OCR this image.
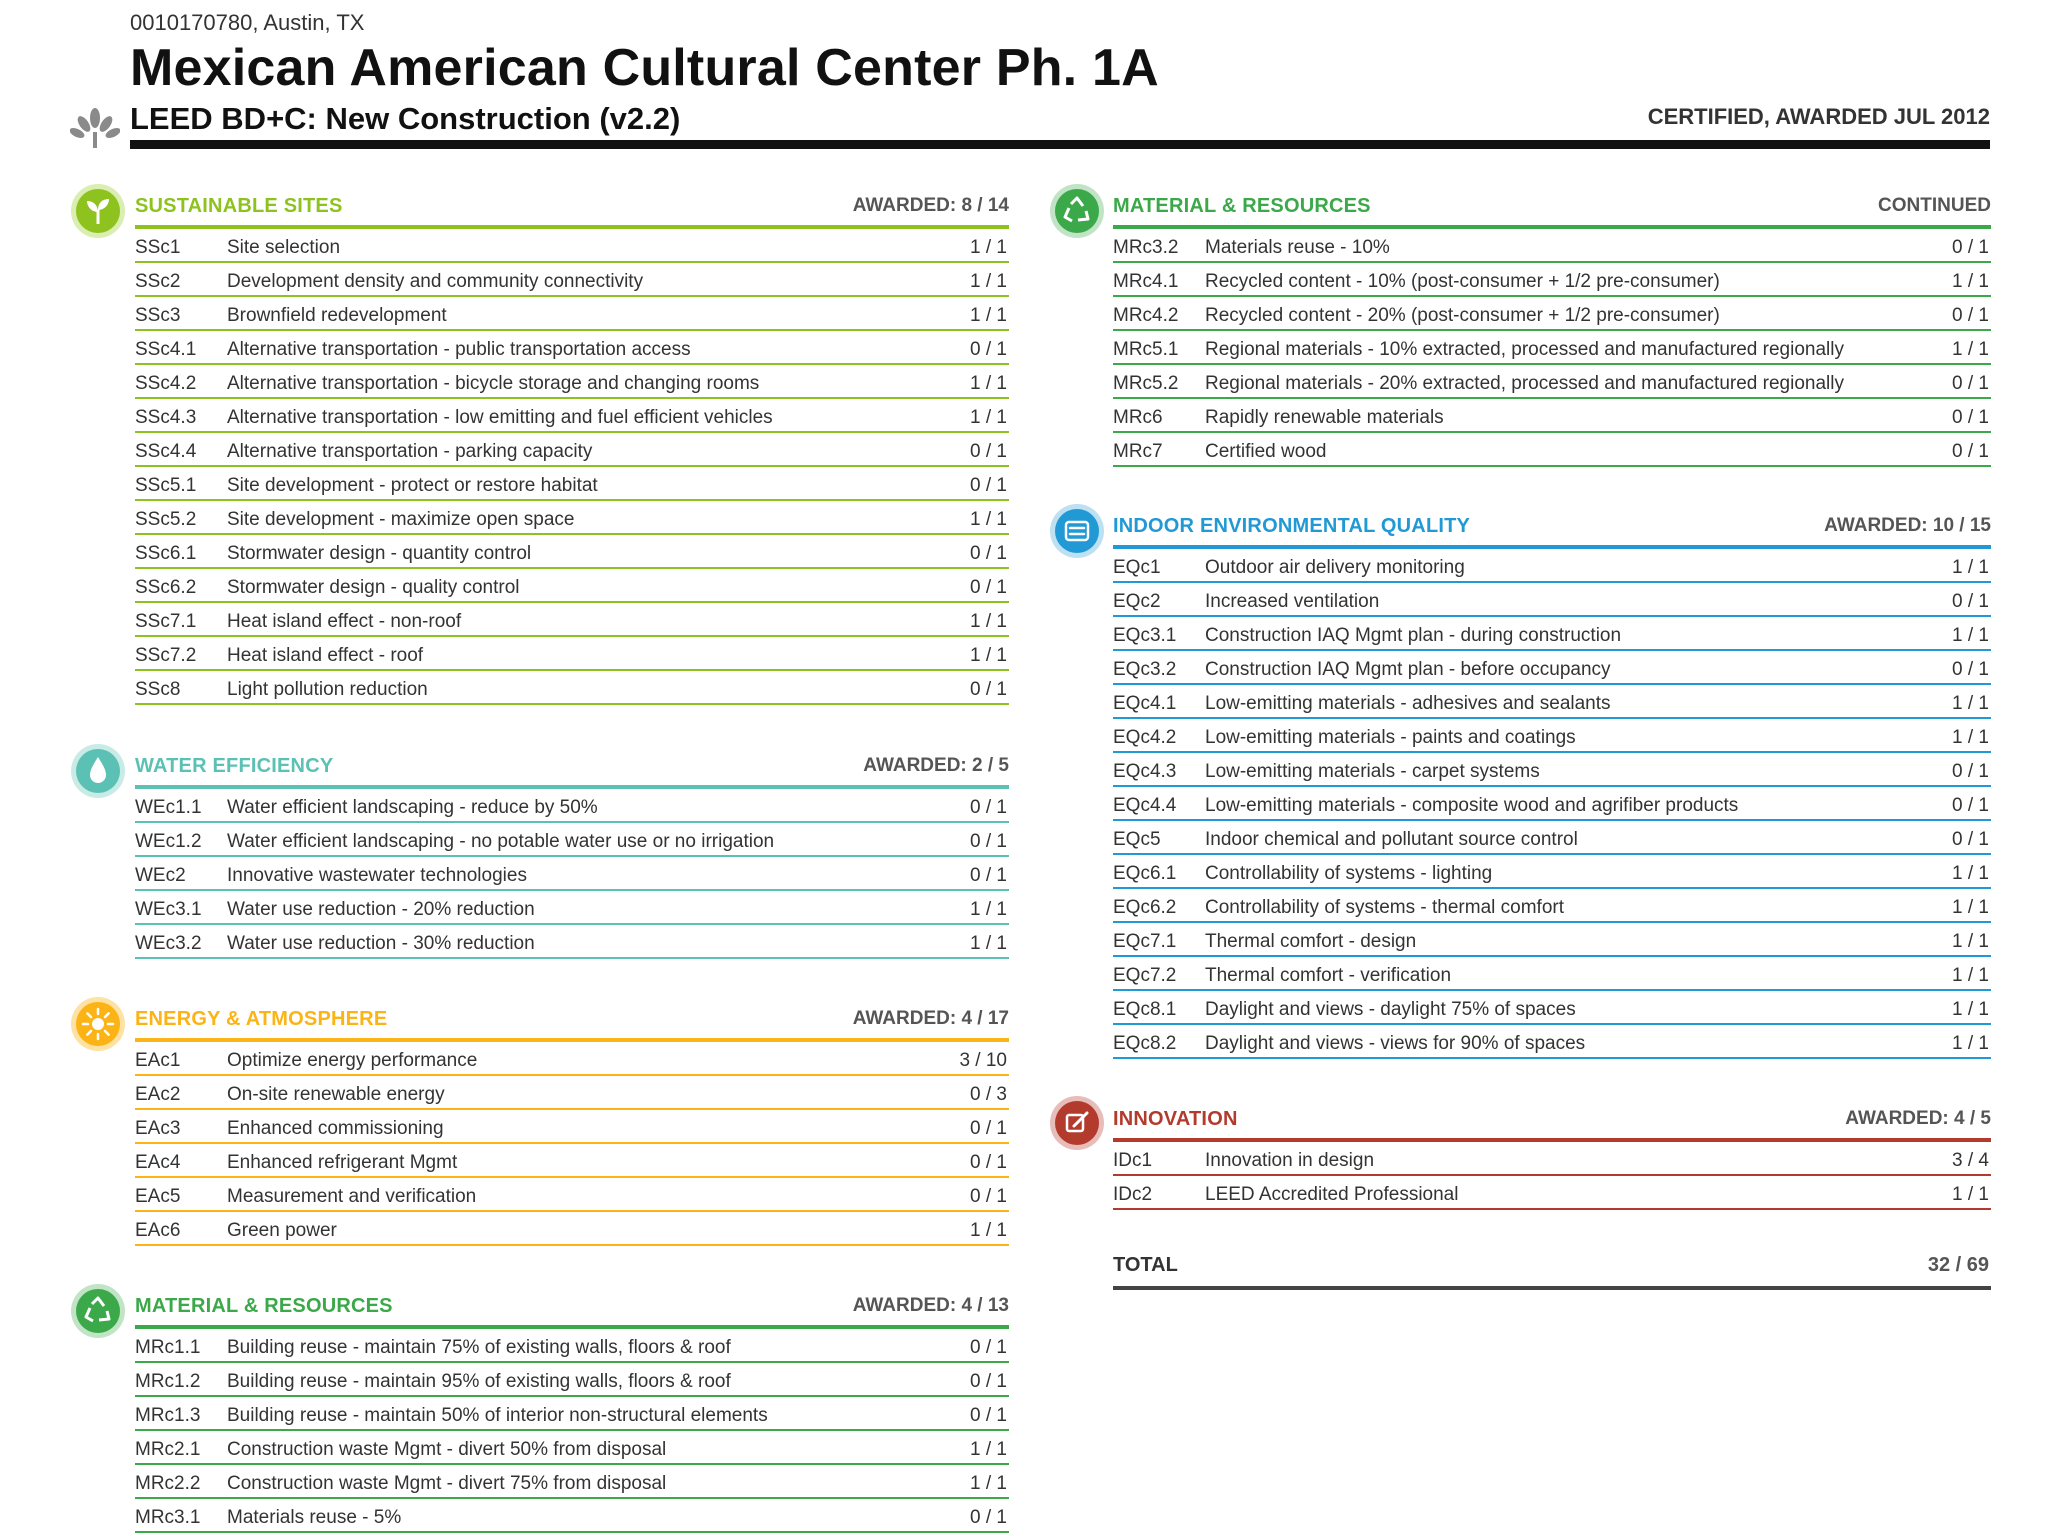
0010170780, Austin, TX
Mexican American Cultural Center Ph. 1A
LEED BD+C: New Construction (v2.2)	CERTIFIED, AWARDED JUL 2012
SUSTAINABLE SITES	AWARDED: 8 / 14
SSc1 Site selection	1 / 1
SSc2 Development density and community connectivity	1 / 1
SSc3 Brownfield redevelopment	1 / 1
SSc4.1 Alternative transportation - public transportation access	0 / 1
SSc4.2 Alternative transportation - bicycle storage and changing rooms	1 / 1
SSc4.3 Alternative transportation - low emitting and fuel efficient vehicles	1 / 1
SSc4.4 Alternative transportation - parking capacity	0 / 1
SSc5.1 Site development - protect or restore habitat	0 / 1
SSc5.2 Site development - maximize open space	1 / 1
SSc6.1 Stormwater design - quantity control	0 / 1
SSc6.2 Stormwater design - quality control	0 / 1
SSc7.1 Heat island effect - non-roof	1 / 1
SSc7.2 Heat island effect - roof	1 / 1
SSc8 Light pollution reduction	0 / 1
WATER EFFICIENCY	AWARDED: 2 / 5
WEc1.1 Water efficient landscaping - reduce by 50%	0 / 1
WEc1.2 Water efficient landscaping - no potable water use or no irrigation	0 / 1
WEc2 Innovative wastewater technologies	0 / 1
WEc3.1 Water use reduction - 20% reduction	1 / 1
WEc3.2 Water use reduction - 30% reduction	1 / 1
ENERGY & ATMOSPHERE	AWARDED: 4 / 17
EAc1 Optimize energy performance	3 / 10
EAc2 On-site renewable energy	0 / 3
EAc3 Enhanced commissioning	0 / 1
EAc4 Enhanced refrigerant Mgmt	0 / 1
EAc5 Measurement and verification	0 / 1
EAc6 Green power	1 / 1
MATERIAL & RESOURCES	AWARDED: 4 / 13
MRc1.1 Building reuse - maintain 75% of existing walls, floors & roof	0 / 1
MRc1.2 Building reuse - maintain 95% of existing walls, floors & roof	0 / 1
MRc1.3 Building reuse - maintain 50% of interior non-structural elements	0 / 1
MRc2.1 Construction waste Mgmt - divert 50% from disposal	1 / 1
MRc2.2 Construction waste Mgmt - divert 75% from disposal	1 / 1
MRc3.1 Materials reuse - 5%	0 / 1
MATERIAL & RESOURCES	CONTINUED
MRc3.2 Materials reuse - 10%	0 / 1
MRc4.1 Recycled content - 10% (post-consumer + 1/2 pre-consumer)	1 / 1
MRc4.2 Recycled content - 20% (post-consumer + 1/2 pre-consumer)	0 / 1
MRc5.1 Regional materials - 10% extracted, processed and manufactured regionally	1 / 1
MRc5.2 Regional materials - 20% extracted, processed and manufactured regionally	0 / 1
MRc6 Rapidly renewable materials	0 / 1
MRc7 Certified wood	0 / 1
INDOOR ENVIRONMENTAL QUALITY	AWARDED: 10 / 15
EQc1 Outdoor air delivery monitoring	1 / 1
EQc2 Increased ventilation	0 / 1
EQc3.1 Construction IAQ Mgmt plan - during construction	1 / 1
EQc3.2 Construction IAQ Mgmt plan - before occupancy	0 / 1
EQc4.1 Low-emitting materials - adhesives and sealants	1 / 1
EQc4.2 Low-emitting materials - paints and coatings	1 / 1
EQc4.3 Low-emitting materials - carpet systems	0 / 1
EQc4.4 Low-emitting materials - composite wood and agrifiber products	0 / 1
EQc5 Indoor chemical and pollutant source control	0 / 1
EQc6.1 Controllability of systems - lighting	1 / 1
EQc6.2 Controllability of systems - thermal comfort	1 / 1
EQc7.1 Thermal comfort - design	1 / 1
EQc7.2 Thermal comfort - verification	1 / 1
EQc8.1 Daylight and views - daylight 75% of spaces	1 / 1
EQc8.2 Daylight and views - views for 90% of spaces	1 / 1
INNOVATION	AWARDED: 4 / 5
IDc1	Innovation in design	3 / 4
IDc2	LEED Accredited Professional	1 / 1
TOTAL	32 / 69
